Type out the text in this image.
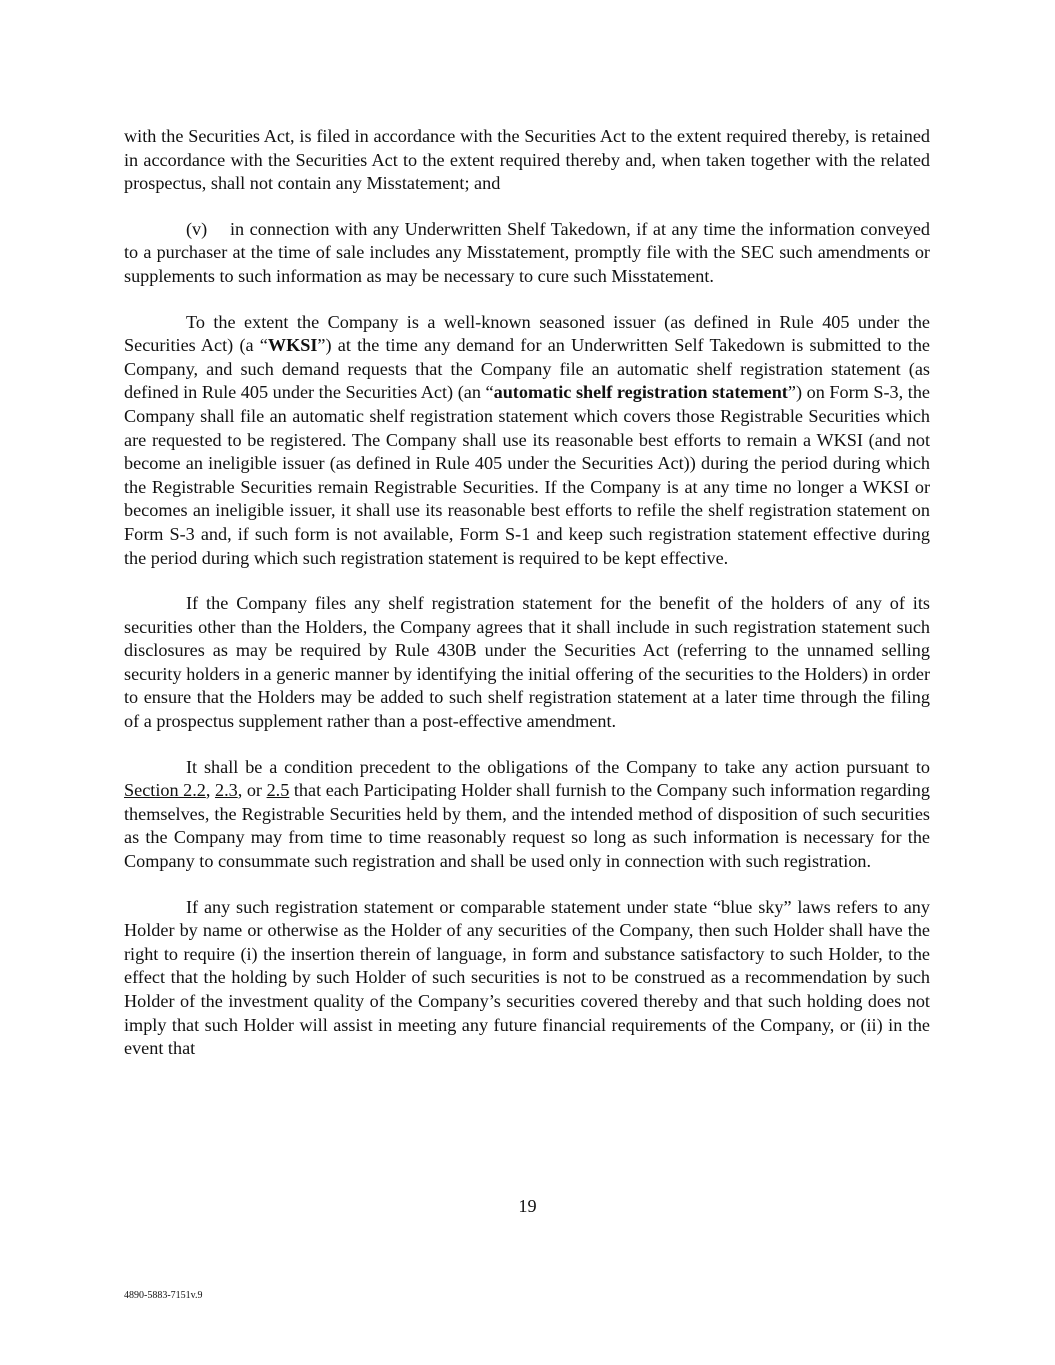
with the Securities Act, is filed in accordance with the Securities Act to the extent required thereby, is retained in accordance with the Securities Act to the extent required thereby and, when taken together with the related prospectus, shall not contain any Misstatement; and

(v) in connection with any Underwritten Shelf Takedown, if at any time the information conveyed to a purchaser at the time of sale includes any Misstatement, promptly file with the SEC such amendments or supplements to such information as may be necessary to cure such Misstatement.

To the extent the Company is a well-known seasoned issuer (as defined in Rule 405 under the Securities Act) (a “WKSI”) at the time any demand for an Underwritten Self Takedown is submitted to the Company, and such demand requests that the Company file an automatic shelf registration statement (as defined in Rule 405 under the Securities Act) (an “automatic shelf registration statement”) on Form S-3, the Company shall file an automatic shelf registration statement which covers those Registrable Securities which are requested to be registered. The Company shall use its reasonable best efforts to remain a WKSI (and not become an ineligible issuer (as defined in Rule 405 under the Securities Act)) during the period during which the Registrable Securities remain Registrable Securities. If the Company is at any time no longer a WKSI or becomes an ineligible issuer, it shall use its reasonable best efforts to refile the shelf registration statement on Form S-3 and, if such form is not available, Form S-1 and keep such registration statement effective during the period during which such registration statement is required to be kept effective.

If the Company files any shelf registration statement for the benefit of the holders of any of its securities other than the Holders, the Company agrees that it shall include in such registration statement such disclosures as may be required by Rule 430B under the Securities Act (referring to the unnamed selling security holders in a generic manner by identifying the initial offering of the securities to the Holders) in order to ensure that the Holders may be added to such shelf registration statement at a later time through the filing of a prospectus supplement rather than a post-effective amendment.

It shall be a condition precedent to the obligations of the Company to take any action pursuant to Section 2.2, 2.3, or 2.5 that each Participating Holder shall furnish to the Company such information regarding themselves, the Registrable Securities held by them, and the intended method of disposition of such securities as the Company may from time to time reasonably request so long as such information is necessary for the Company to consummate such registration and shall be used only in connection with such registration.

If any such registration statement or comparable statement under state “blue sky” laws refers to any Holder by name or otherwise as the Holder of any securities of the Company, then such Holder shall have the right to require (i) the insertion therein of language, in form and substance satisfactory to such Holder, to the effect that the holding by such Holder of such securities is not to be construed as a recommendation by such Holder of the investment quality of the Company’s securities covered thereby and that such holding does not imply that such Holder will assist in meeting any future financial requirements of the Company, or (ii) in the event that

19
4890-5883-7151v.9
